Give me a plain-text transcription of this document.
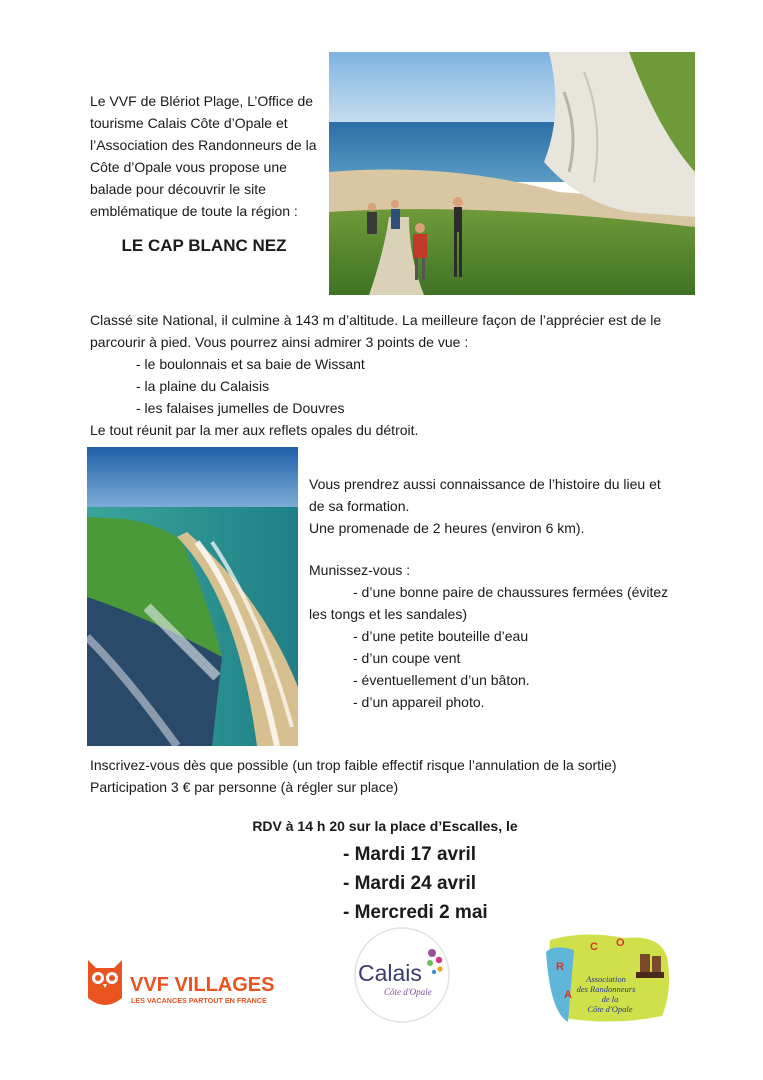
Le VVF de Blériot Plage, L’Office de
tourisme Calais Côte d’Opale et
l’Association des Randonneurs de la
Côte d’Opale vous propose une
balade pour découvrir le site
emblématique de toute la région :
LE CAP BLANC NEZ
Classé site National, il culmine à 143 m d’altitude. La meilleure façon de l’apprécier est de le
parcourir à pied. Vous pourrez ainsi admirer 3 points de vue :
- le boulonnais et sa baie de Wissant
- la plaine du Calaisis
- les falaises jumelles de Douvres
Le tout réunit par la mer aux reflets opales du détroit.
Vous prendrez aussi connaissance de l’histoire du lieu et
de sa formation.
Une promenade de 2 heures (environ 6 km).
Munissez-vous :
- d’une bonne paire de chaussures fermées (évitez
les tongs et les sandales)
- d’une petite bouteille d’eau
- d’un coupe vent
- éventuellement d’un bâton.
- d’un appareil photo.
Inscrivez-vous dès que possible (un trop faible effectif risque l’annulation de la sortie)
Participation 3 € par personne (à régler sur place)
RDV à 14 h 20 sur la place d’Escalles, le
- Mardi 17 avril
- Mardi 24 avril
- Mercredi 2 mai
VVF VILLAGES
LES VACANCES PARTOUT EN FRANCE
Calais
Côte d'Opale
R
A
C O
Association
des Randonneurs
de la
Côte d'Opale
